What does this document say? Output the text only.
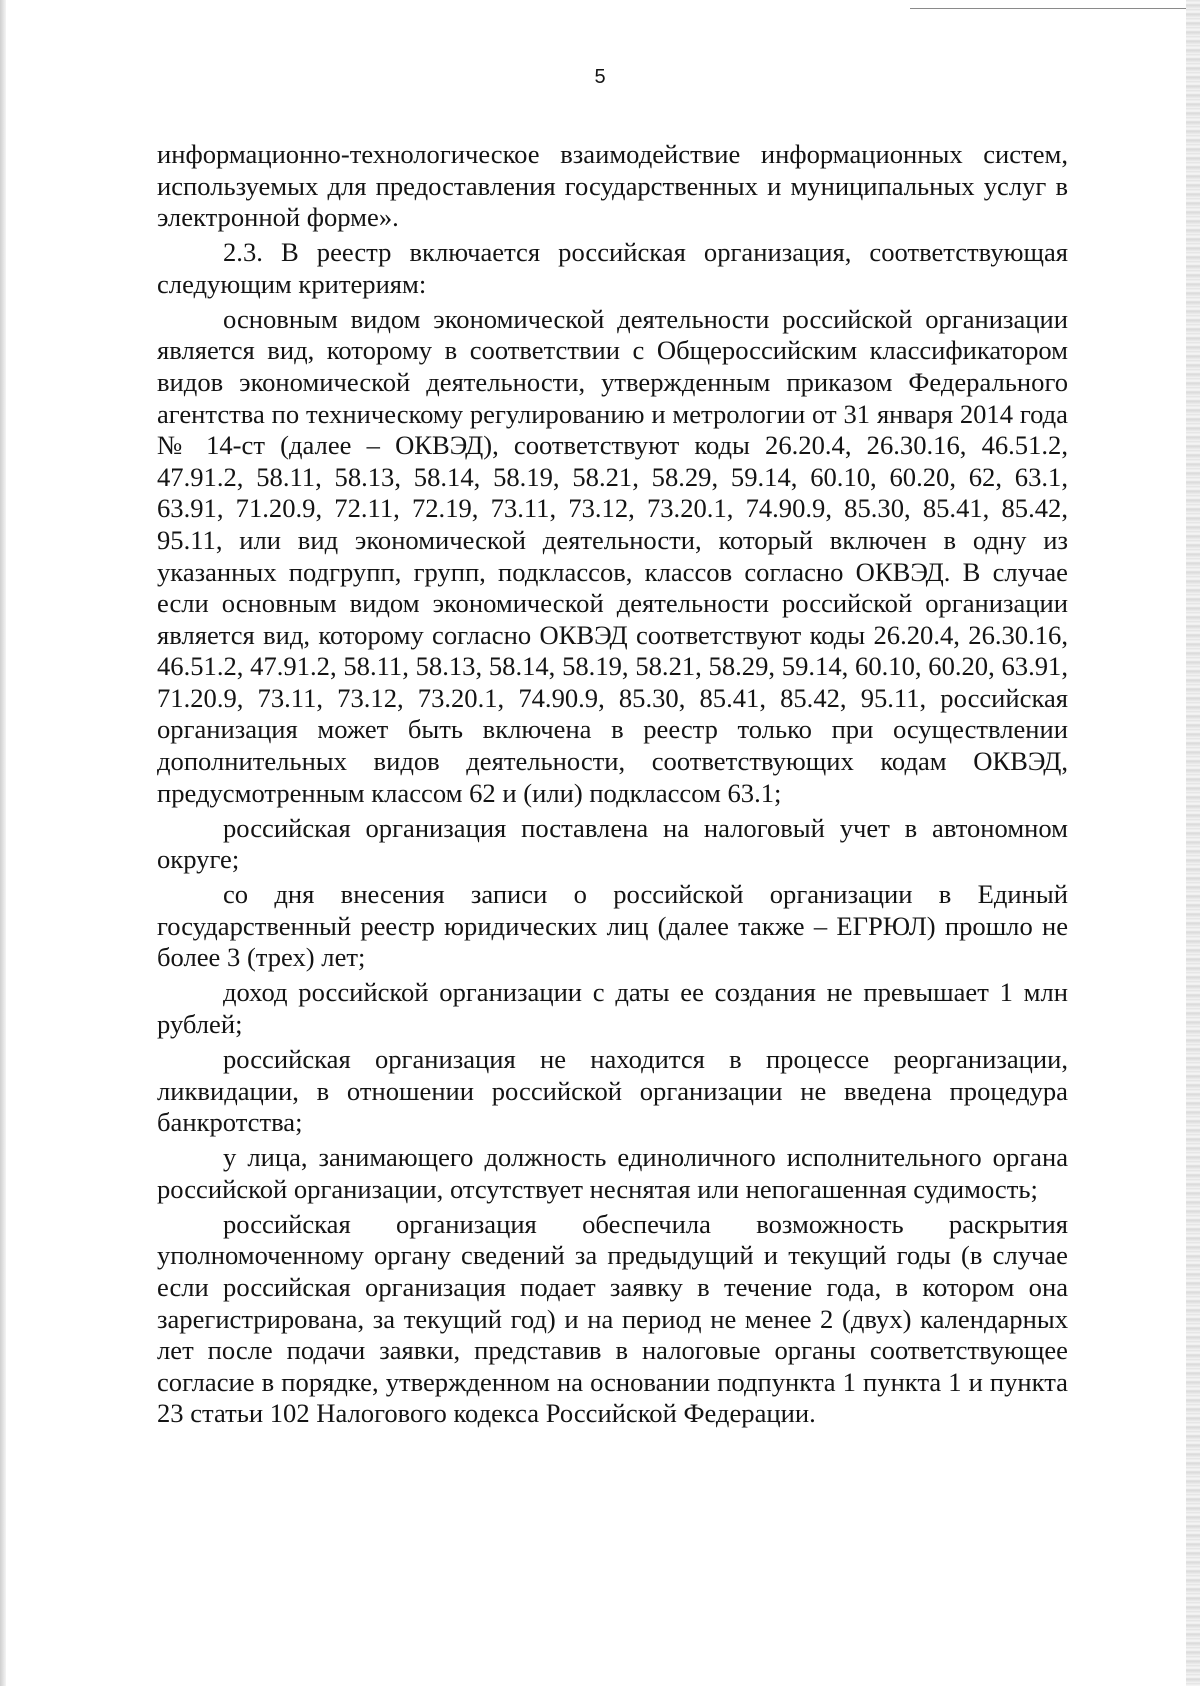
5

информационно-технологическое взаимодействие информационных систем, используемых для предоставления государственных и муниципальных услуг в электронной форме».

2.3. В реестр включается российская организация, соответствующая следующим критериям:

основным видом экономической деятельности российской организации является вид, которому в соответствии с Общероссийским классификатором видов экономической деятельности, утвержденным приказом Федерального агентства по техническому регулированию и метрологии от 31 января 2014 года № 14-ст (далее – ОКВЭД), соответствуют коды 26.20.4, 26.30.16, 46.51.2, 47.91.2, 58.11, 58.13, 58.14, 58.19, 58.21, 58.29, 59.14, 60.10, 60.20, 62, 63.1, 63.91, 71.20.9, 72.11, 72.19, 73.11, 73.12, 73.20.1, 74.90.9, 85.30, 85.41, 85.42, 95.11, или вид экономической деятельности, который включен в одну из указанных подгрупп, групп, подклассов, классов согласно ОКВЭД. В случае если основным видом экономической деятельности российской организации является вид, которому согласно ОКВЭД соответствуют коды 26.20.4, 26.30.16, 46.51.2, 47.91.2, 58.11, 58.13, 58.14, 58.19, 58.21, 58.29, 59.14, 60.10, 60.20, 63.91, 71.20.9, 73.11, 73.12, 73.20.1, 74.90.9, 85.30, 85.41, 85.42, 95.11, российская организация может быть включена в реестр только при осуществлении дополнительных видов деятельности, соответствующих кодам ОКВЭД, предусмотренным классом 62 и (или) подклассом 63.1;

российская организация поставлена на налоговый учет в автономном округе;

со дня внесения записи о российской организации в Единый государственный реестр юридических лиц (далее также – ЕГРЮЛ) прошло не более 3 (трех) лет;

доход российской организации с даты ее создания не превышает 1 млн рублей;

российская организация не находится в процессе реорганизации, ликвидации, в отношении российской организации не введена процедура банкротства;

у лица, занимающего должность единоличного исполнительного органа российской организации, отсутствует неснятая или непогашенная судимость;

российская организация обеспечила возможность раскрытия уполномоченному органу сведений за предыдущий и текущий годы (в случае если российская организация подает заявку в течение года, в котором она зарегистрирована, за текущий год) и на период не менее 2 (двух) календарных лет после подачи заявки, представив в налоговые органы соответствующее согласие в порядке, утвержденном на основании подпункта 1 пункта 1 и пункта 23 статьи 102 Налогового кодекса Российской Федерации.
